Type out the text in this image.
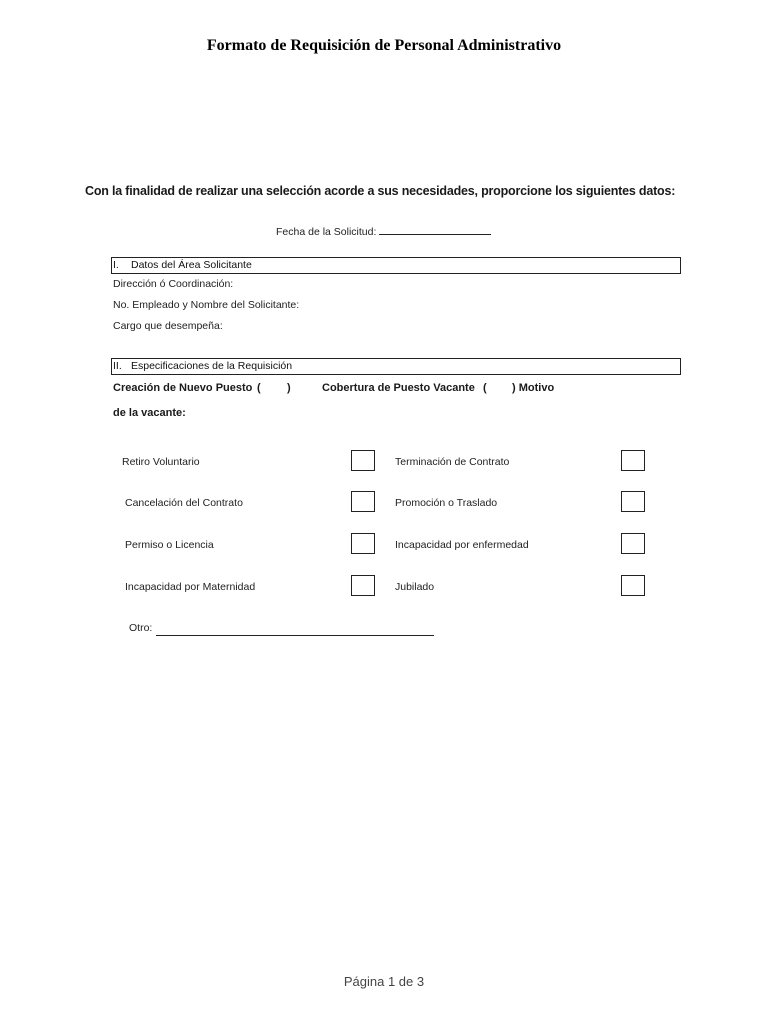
Formato de Requisición de Personal Administrativo
Con la finalidad de realizar una selección acorde a sus necesidades, proporcione los siguientes datos:
Fecha de la Solicitud:
I. Datos del Área Solicitante
Dirección ó Coordinación:
No. Empleado y Nombre del Solicitante:
Cargo que desempeña:
II. Especificaciones de la Requisición
Creación de Nuevo Puesto ( )	Cobertura de Puesto Vacante ( ) Motivo
de la vacante:
Retiro Voluntario	Terminación de Contrato
Cancelación del Contrato	Promoción o Traslado
Permiso o Licencia	Incapacidad por enfermedad
Incapacidad por Maternidad	Jubilado
Otro:
Página 1 de 3
